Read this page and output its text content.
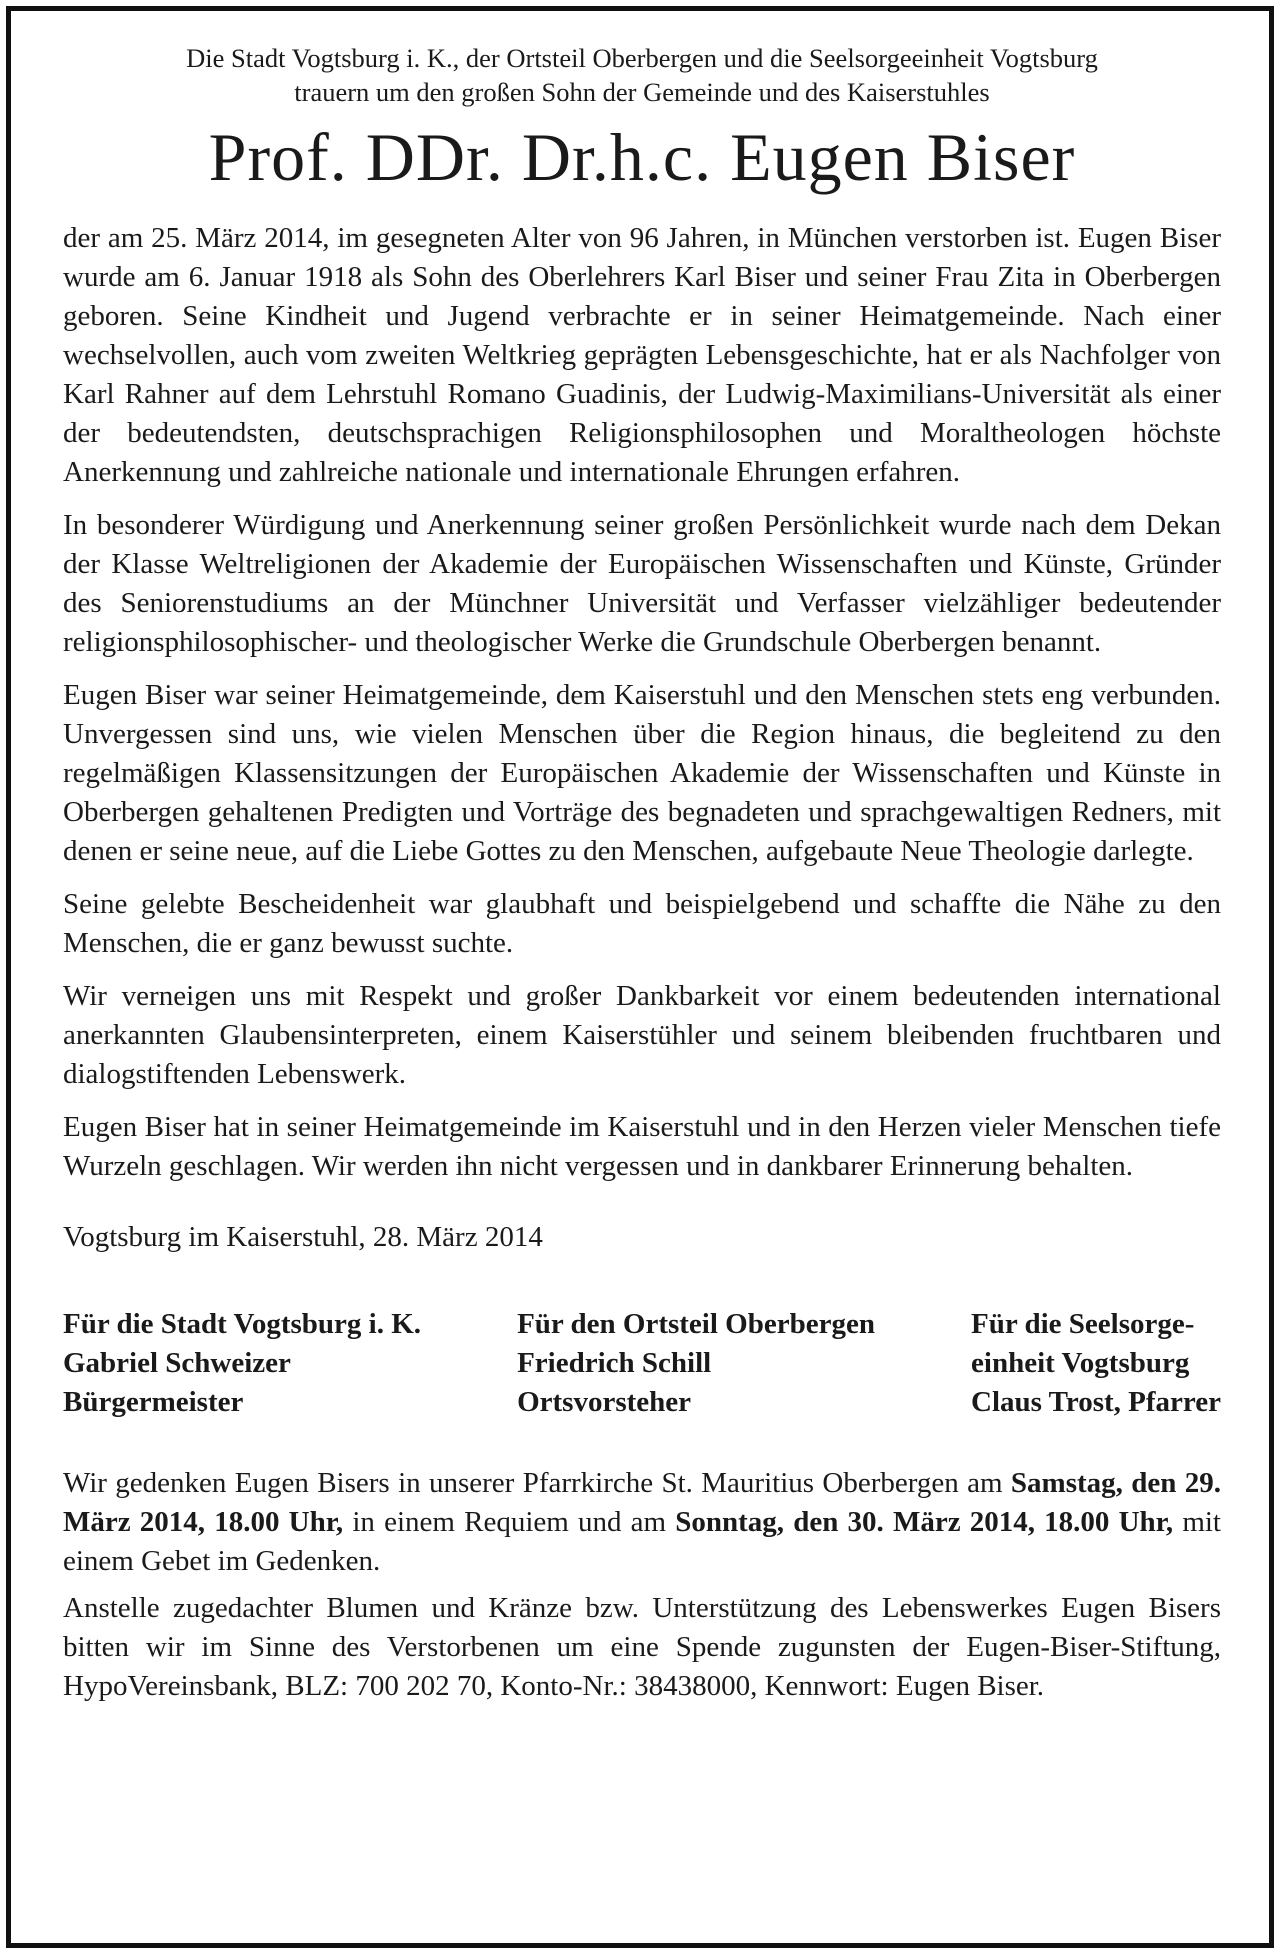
Die Stadt Vogtsburg i. K., der Ortsteil Oberbergen und die Seelsorgeeinheit Vogtsburg
trauern um den großen Sohn der Gemeinde und des Kaiserstuhles
Prof. DDr. Dr.h.c. Eugen Biser

der am 25. März 2014, im gesegneten Alter von 96 Jahren, in München verstorben ist. Eugen Biser wurde am 6. Januar 1918 als Sohn des Oberlehrers Karl Biser und seiner Frau Zita in Oberbergen geboren. Seine Kindheit und Jugend verbrachte er in seiner Heimatgemeinde. Nach einer wechselvollen, auch vom zweiten Weltkrieg geprägten Lebensgeschichte, hat er als Nachfolger von Karl Rahner auf dem Lehrstuhl Romano Guadinis, der Ludwig-Maximilians-Universität als einer der bedeutendsten, deutschsprachigen Religionsphilosophen und Moraltheologen höchste Anerkennung und zahlreiche nationale und internationale Ehrungen erfahren.

In besonderer Würdigung und Anerkennung seiner großen Persönlichkeit wurde nach dem Dekan der Klasse Weltreligionen der Akademie der Europäischen Wissenschaften und Künste, Gründer des Seniorenstudiums an der Münchner Universität und Verfasser vielzähliger bedeutender religionsphilosophischer- und theologischer Werke die Grundschule Oberbergen benannt.

Eugen Biser war seiner Heimatgemeinde, dem Kaiserstuhl und den Menschen stets eng verbunden. Unvergessen sind uns, wie vielen Menschen über die Region hinaus, die begleitend zu den regelmäßigen Klassensitzungen der Europäischen Akademie der Wissenschaften und Künste in Oberbergen gehaltenen Predigten und Vorträge des begnadeten und sprachgewaltigen Redners, mit denen er seine neue, auf die Liebe Gottes zu den Menschen, aufgebaute Neue Theologie darlegte.

Seine gelebte Bescheidenheit war glaubhaft und beispielgebend und schaffte die Nähe zu den Menschen, die er ganz bewusst suchte.

Wir verneigen uns mit Respekt und großer Dankbarkeit vor einem bedeutenden international anerkannten Glaubensinterpreten, einem Kaiserstühler und seinem bleibenden fruchtbaren und dialogstiftenden Lebenswerk.

Eugen Biser hat in seiner Heimatgemeinde im Kaiserstuhl und in den Herzen vieler Menschen tiefe Wurzeln geschlagen. Wir werden ihn nicht vergessen und in dankbarer Erinnerung behalten.

Vogtsburg im Kaiserstuhl, 28. März 2014
Für die Stadt Vogtsburg i. K.
Gabriel Schweizer
Bürgermeister
Für den Ortsteil Oberbergen
Friedrich Schill
Ortsvorsteher
Für die Seelsorge-
einheit Vogtsburg
Claus Trost, Pfarrer

Wir gedenken Eugen Bisers in unserer Pfarrkirche St. Mauritius Oberbergen am Samstag, den 29. März 2014, 18.00 Uhr, in einem Requiem und am Sonntag, den 30. März 2014, 18.00 Uhr, mit einem Gebet im Gedenken.

Anstelle zugedachter Blumen und Kränze bzw. Unterstützung des Lebenswerkes Eugen Bisers bitten wir im Sinne des Verstorbenen um eine Spende zugunsten der Eugen-Biser-Stiftung, HypoVereinsbank, BLZ: 700 202 70, Konto-Nr.: 38438000, Kennwort: Eugen Biser.
